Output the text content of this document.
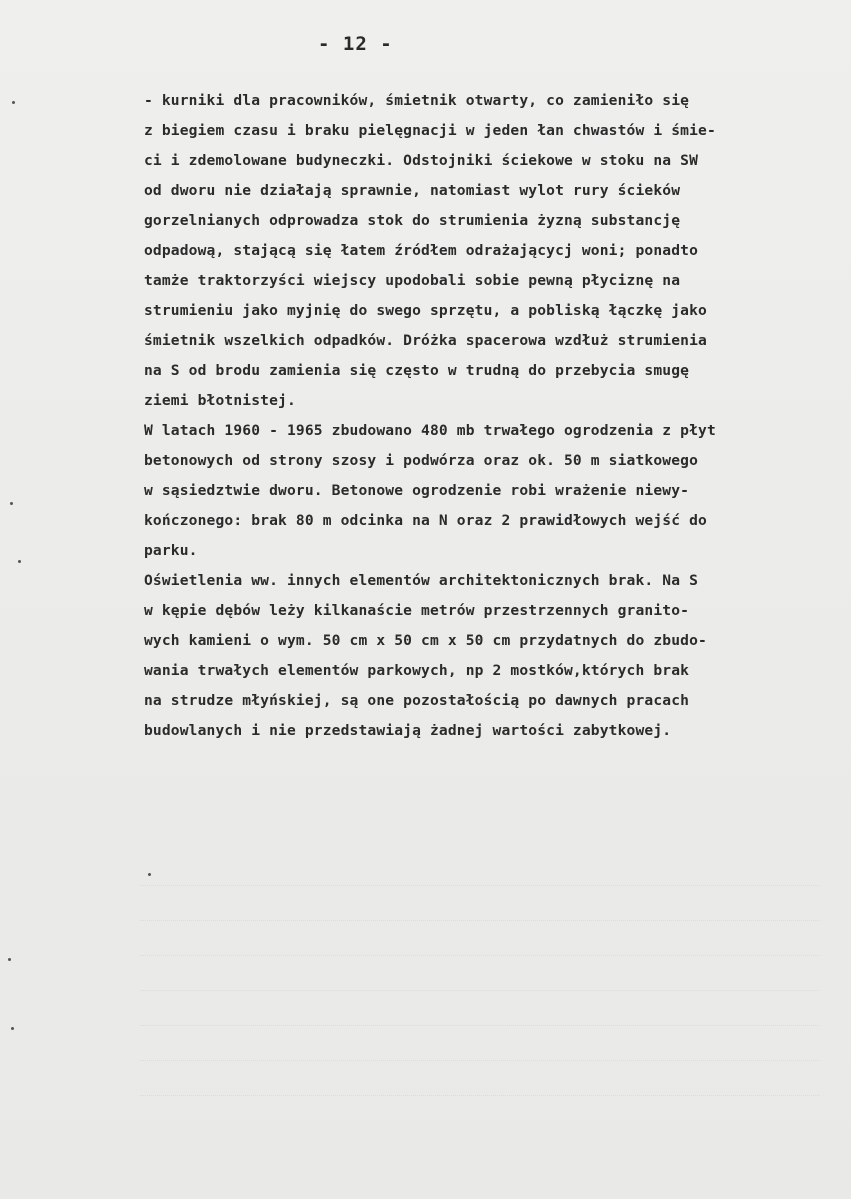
- 12 -
- kurniki dla pracowników, śmietnik otwarty, co zamieniło się
z biegiem czasu i braku pielęgnacji w jeden łan chwastów i śmie-
ci i zdemolowane budyneczki. Odstojniki ściekowe w stoku na SW
od dworu nie działają sprawnie, natomiast wylot rury ścieków
gorzelnianych odprowadza stok do strumienia żyzną substancję
odpadową, stającą się łatem źródłem odrażającycj woni; ponadto
tamże traktorzyści wiejscy upodobali sobie pewną płyciznę na
strumieniu jako myjnię do swego sprzętu, a pobliską łączkę jako
śmietnik wszelkich odpadków. Dróżka spacerowa wzdłuż strumienia
na S od brodu zamienia się często w trudną do przebycia smugę
ziemi błotnistej.
W latach 1960 - 1965 zbudowano 480 mb trwałego ogrodzenia z płyt
betonowych od strony szosy i podwórza oraz ok. 50 m siatkowego
w sąsiedztwie dworu. Betonowe ogrodzenie robi wrażenie niewy-
kończonego: brak 80 m odcinka na N oraz 2 prawidłowych wejść do
parku.
Oświetlenia ww. innych elementów architektonicznych brak. Na S
w kępie dębów leży kilkanaście metrów przestrzennych granito-
wych kamieni o wym. 50 cm x 50 cm x 50 cm przydatnych do zbudo-
wania trwałych elementów parkowych, np 2 mostków,których brak
na strudze młyńskiej, są one pozostałością po dawnych pracach
budowlanych i nie przedstawiają żadnej wartości zabytkowej.
